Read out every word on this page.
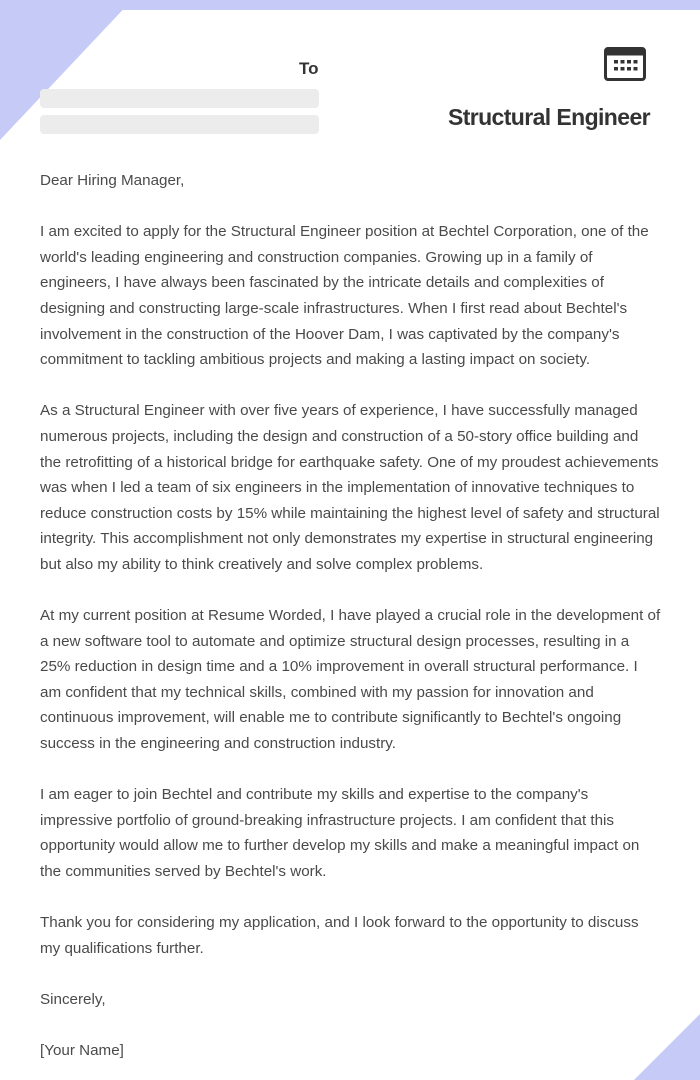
To
Structural Engineer

Dear Hiring Manager,

I am excited to apply for the Structural Engineer position at Bechtel Corporation, one of the world's leading engineering and construction companies. Growing up in a family of engineers, I have always been fascinated by the intricate details and complexities of designing and constructing large-scale infrastructures. When I first read about Bechtel's involvement in the construction of the Hoover Dam, I was captivated by the company's commitment to tackling ambitious projects and making a lasting impact on society.

As a Structural Engineer with over five years of experience, I have successfully managed numerous projects, including the design and construction of a 50-story office building and the retrofitting of a historical bridge for earthquake safety. One of my proudest achievements was when I led a team of six engineers in the implementation of innovative techniques to reduce construction costs by 15% while maintaining the highest level of safety and structural integrity. This accomplishment not only demonstrates my expertise in structural engineering but also my ability to think creatively and solve complex problems.

At my current position at Resume Worded, I have played a crucial role in the development of a new software tool to automate and optimize structural design processes, resulting in a 25% reduction in design time and a 10% improvement in overall structural performance. I am confident that my technical skills, combined with my passion for innovation and continuous improvement, will enable me to contribute significantly to Bechtel's ongoing success in the engineering and construction industry.

I am eager to join Bechtel and contribute my skills and expertise to the company's impressive portfolio of ground-breaking infrastructure projects. I am confident that this opportunity would allow me to further develop my skills and make a meaningful impact on the communities served by Bechtel's work.

Thank you for considering my application, and I look forward to the opportunity to discuss my qualifications further.

Sincerely,

[Your Name]
